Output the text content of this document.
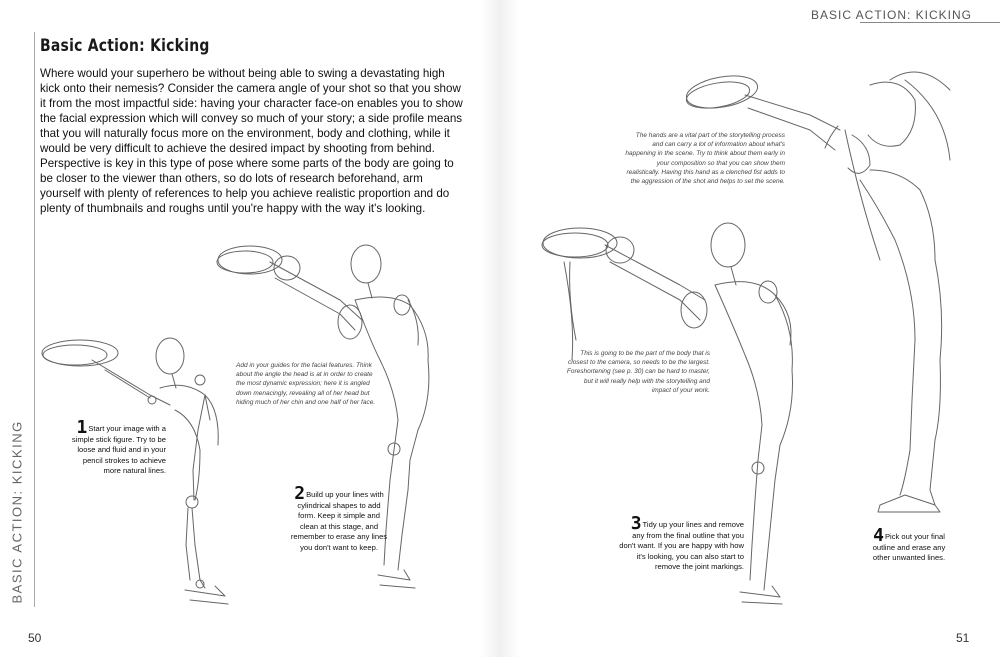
BASIC ACTION: KICKING
BASIC ACTION: KICKING
Basic Action: Kicking
Where would your superhero be without being able to swing a devastating high kick onto their nemesis? Consider the camera angle of your shot so that you show it from the most impactful side: having your character face-on enables you to show the facial expression which will convey so much of your story; a side profile means that you will naturally focus more on the environment, body and clothing, while it would be very difficult to achieve the desired impact by shooting from behind. Perspective is key in this type of pose where some parts of the body are going to be closer to the viewer than others, so do lots of research beforehand, arm yourself with plenty of references to help you achieve realistic proportion and do plenty of thumbnails and roughs until you're happy with the way it's looking.
Add in your guides for the facial features. Think about the angle the head is at in order to create the most dynamic expression; here it is angled down menacingly, revealing all of her head but hiding much of her chin and one half of her face.
The hands are a vital part of the storytelling process and can carry a lot of information about what's happening in the scene. Try to think about them early in your composition so that you can show them realistically. Having this hand as a clenched fist adds to the aggression of the shot and helps to set the scene.
This is going to be the part of the body that is closest to the camera, so needs to be the largest. Foreshortening (see p. 30) can be hard to master, but it will really help with the storytelling and impact of your work.
1Start your image with a simple stick figure. Try to be loose and fluid and in your pencil strokes to achieve more natural lines.
2Build up your lines with cylindrical shapes to add form. Keep it simple and clean at this stage, and remember to erase any lines you don't want to keep.
3Tidy up your lines and remove any from the final outline that you don't want. If you are happy with how it's looking, you can also start to remove the joint markings.
4Pick out your final outline and erase any other unwanted lines.
50	51
